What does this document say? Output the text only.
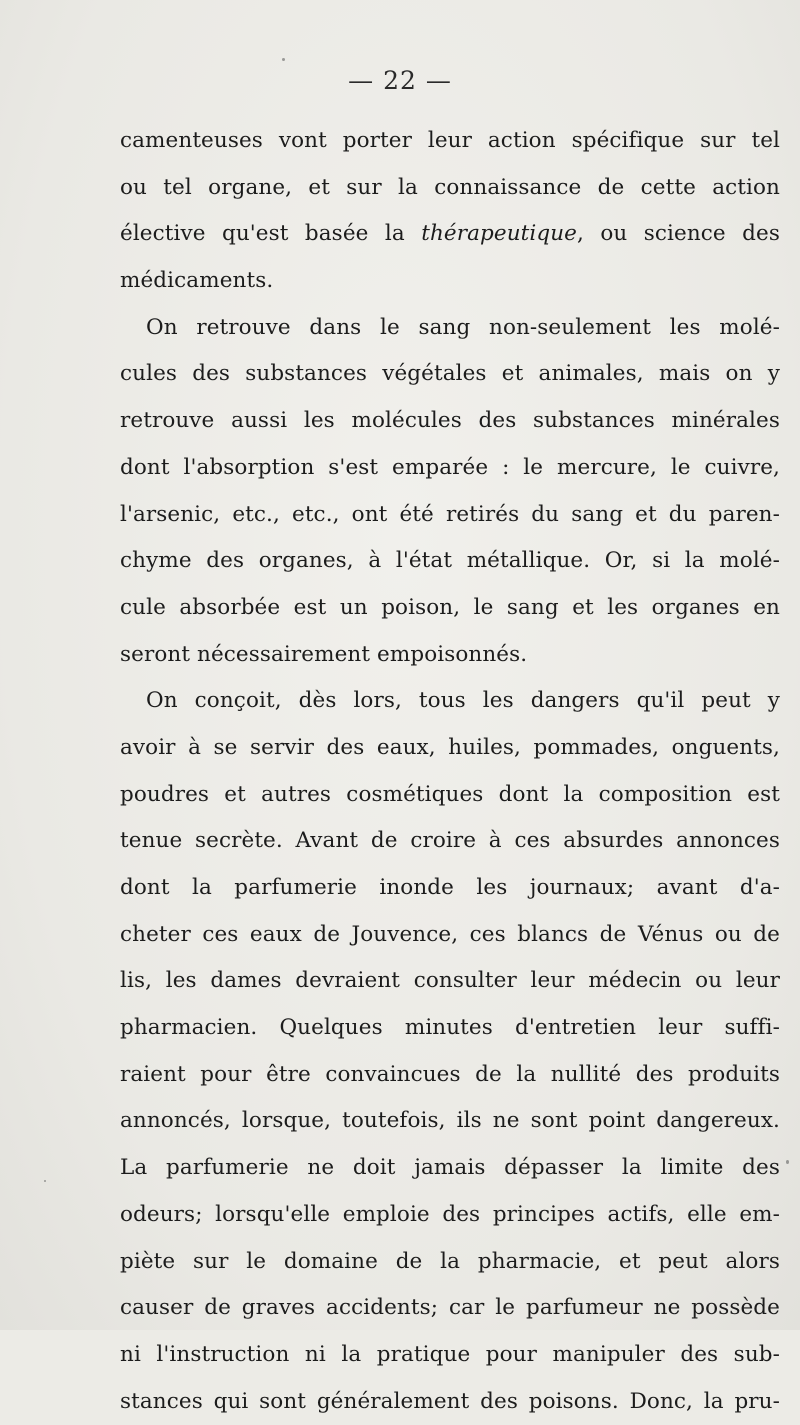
— 22 —
camenteuses vont porter leur action spécifique sur tel
ou tel organe, et sur la connaissance de cette action
élective qu'est basée la thérapeutique, ou science des
médicaments.
On retrouve dans le sang non-seulement les molé-
cules des substances végétales et animales, mais on y
retrouve aussi les molécules des substances minérales
dont l'absorption s'est emparée : le mercure, le cuivre,
l'arsenic, etc., etc., ont été retirés du sang et du paren-
chyme des organes, à l'état métallique. Or, si la molé-
cule absorbée est un poison, le sang et les organes en
seront nécessairement empoisonnés.
On conçoit, dès lors, tous les dangers qu'il peut y
avoir à se servir des eaux, huiles, pommades, onguents,
poudres et autres cosmétiques dont la composition est
tenue secrète. Avant de croire à ces absurdes annonces
dont la parfumerie inonde les journaux; avant d'a-
cheter ces eaux de Jouvence, ces blancs de Vénus ou de
lis, les dames devraient consulter leur médecin ou leur
pharmacien. Quelques minutes d'entretien leur suffi-
raient pour être convaincues de la nullité des produits
annoncés, lorsque, toutefois, ils ne sont point dangereux.
La parfumerie ne doit jamais dépasser la limite des
odeurs; lorsqu'elle emploie des principes actifs, elle em-
piète sur le domaine de la pharmacie, et peut alors
causer de graves accidents; car le parfumeur ne possède
ni l'instruction ni la pratique pour manipuler des sub-
stances qui sont généralement des poisons. Donc, la pru-
